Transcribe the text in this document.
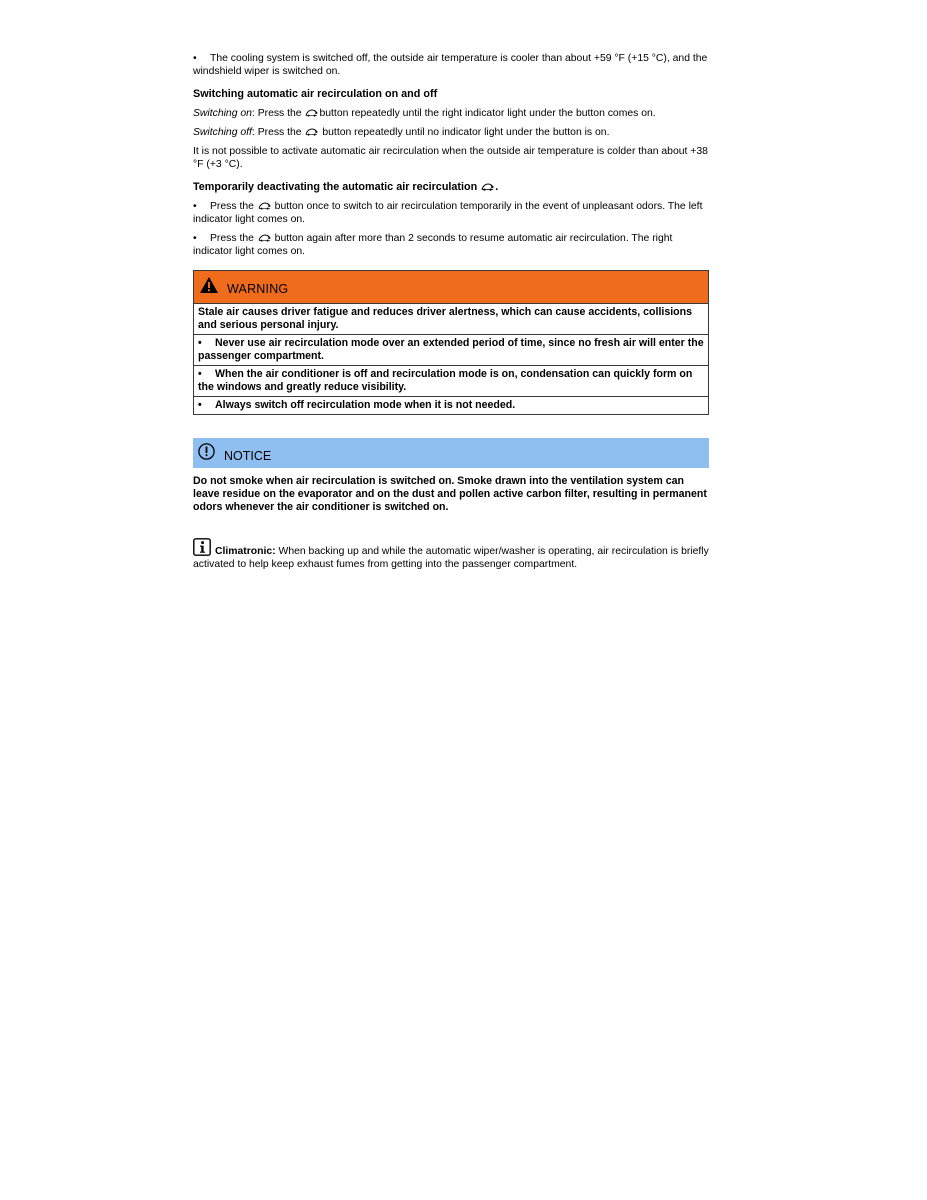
• The cooling system is switched off, the outside air temperature is cooler than about +59 °F (+15 °C), and the windshield wiper is switched on.

Switching automatic air recirculation on and off

Switching on: Press the
button repeatedly until the right indicator light under the button comes on.

Switching off: Press the
button repeatedly until no indicator light under the button is on.

It is not possible to activate automatic air recirculation when the outside air temperature is colder than about +38 °F (+3 °C).

Temporarily deactivating the automatic air recirculation .

• Press the
button once to switch to air recirculation temporarily in the event of unpleasant odors. The left indicator light comes on.

• Press the
button again after more than 2 seconds to resume automatic air recirculation. The right indicator light comes on.

WARNING
Stale air causes driver fatigue and reduces driver alertness, which can cause accidents, collisions and serious personal injury.
• Never use air recirculation mode over an extended period of time, since no fresh air will enter the passenger compartment.
• When the air conditioner is off and recirculation mode is on, condensation can quickly form on the windows and greatly reduce visibility.
• Always switch off recirculation mode when it is not needed.
NOTICE

Do not smoke when air recirculation is switched on. Smoke drawn into the ventilation system can leave residue on the evaporator and on the dust and pollen active carbon filter, resulting in permanent odors whenever the air conditioner is switched on.

Climatronic: When backing up and while the automatic wiper/washer is operating, air recirculation is briefly activated to help keep exhaust fumes from getting into the passenger compartment.
